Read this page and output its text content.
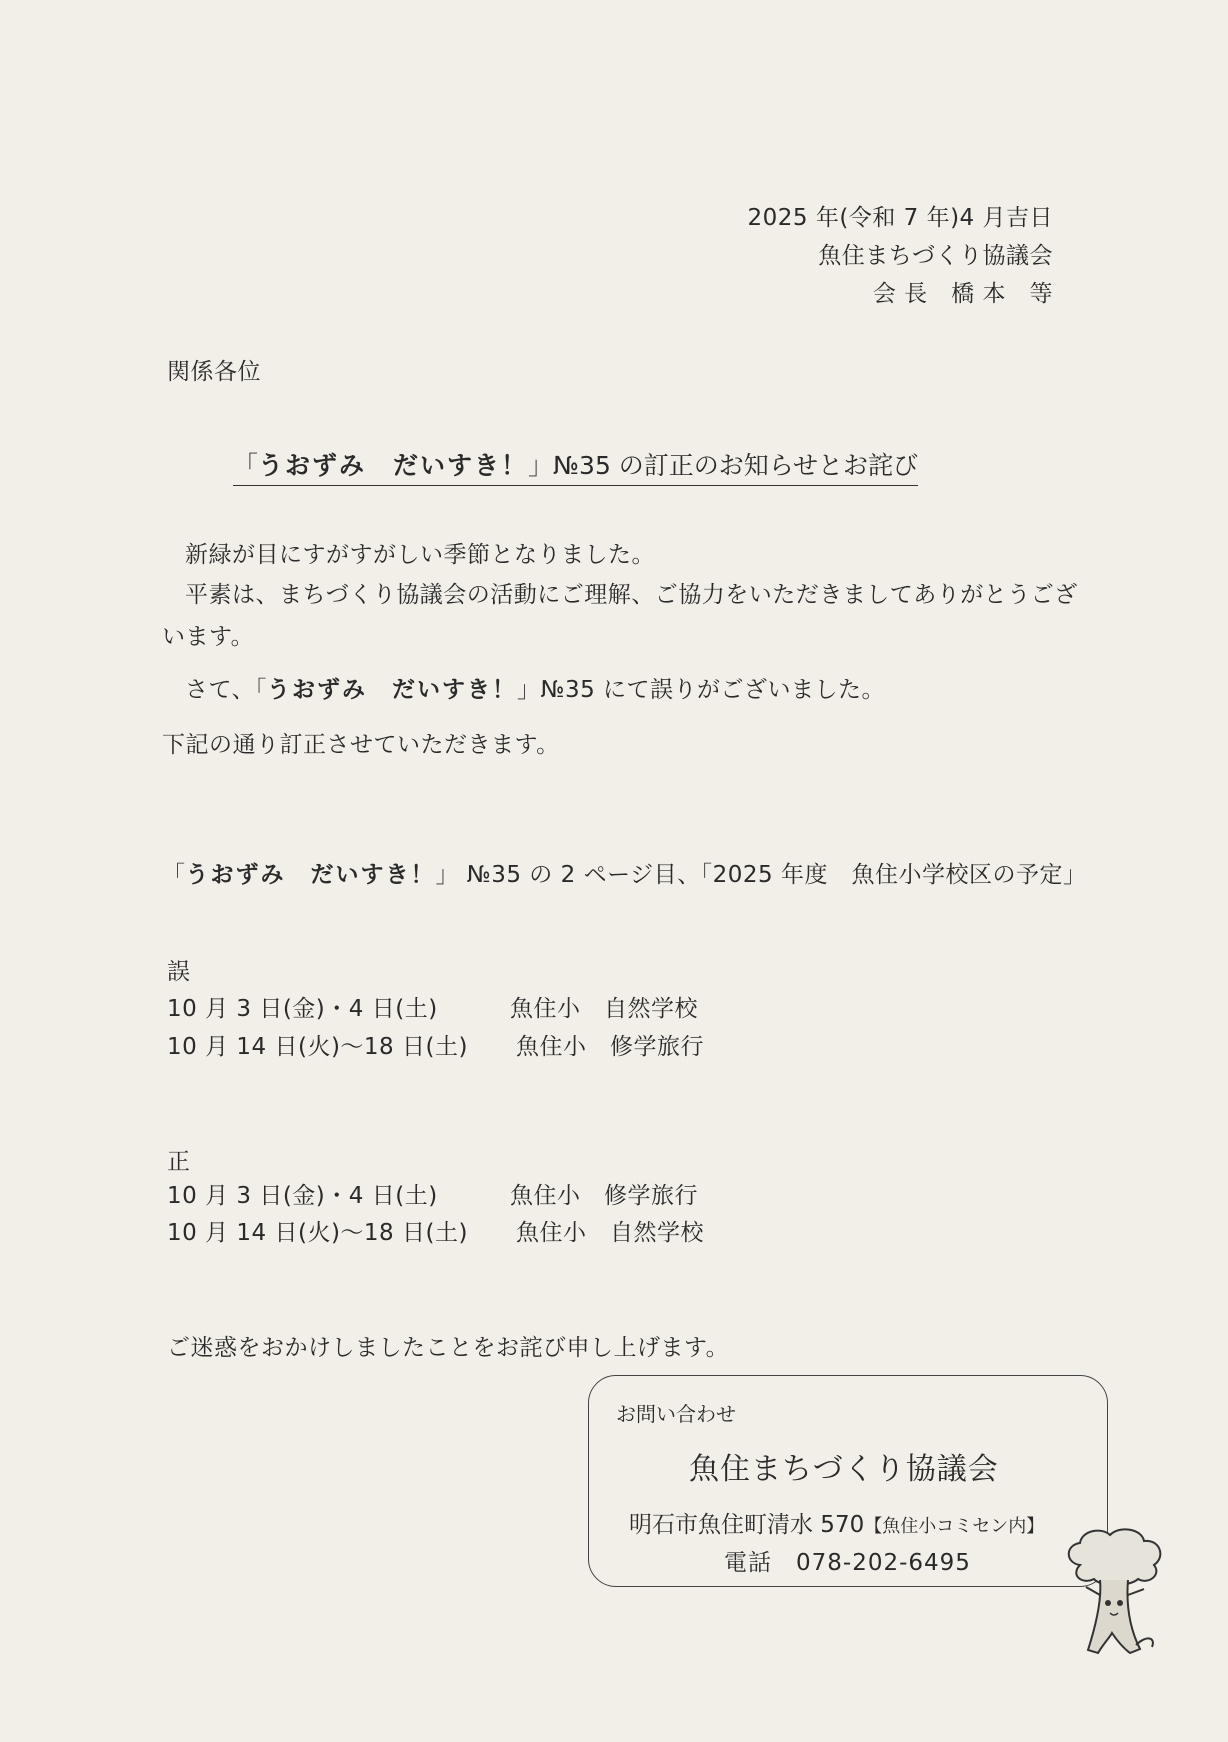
2025 年(令和 7 年)4 月吉日
魚住まちづくり協議会
会 長　橋 本　等
関係各位
「うおずみ　だいすき！」№35 の訂正のお知らせとお詫び
新緑が目にすがすがしい季節となりました。
平素は、まちづくり協議会の活動にご理解、ご協力をいただきましてありがとうござ
います。
さて、「うおずみ　だいすき！」№35 にて誤りがございました。
下記の通り訂正させていただきます。
「うおずみ　だいすき！」 №35 の 2 ページ目、「2025 年度　魚住小学校区の予定」
誤
10 月 3 日(金)・4 日(土)	魚住小　自然学校
10 月 14 日(火)～18 日(土) 魚住小　修学旅行
正
10 月 3 日(金)・4 日(土)	魚住小　修学旅行
10 月 14 日(火)～18 日(土) 魚住小　自然学校
ご迷惑をおかけしましたことをお詫び申し上げます。
お問い合わせ
魚住まちづくり協議会
明石市魚住町清水 570【魚住小コミセン内】
電話　078-202-6495
